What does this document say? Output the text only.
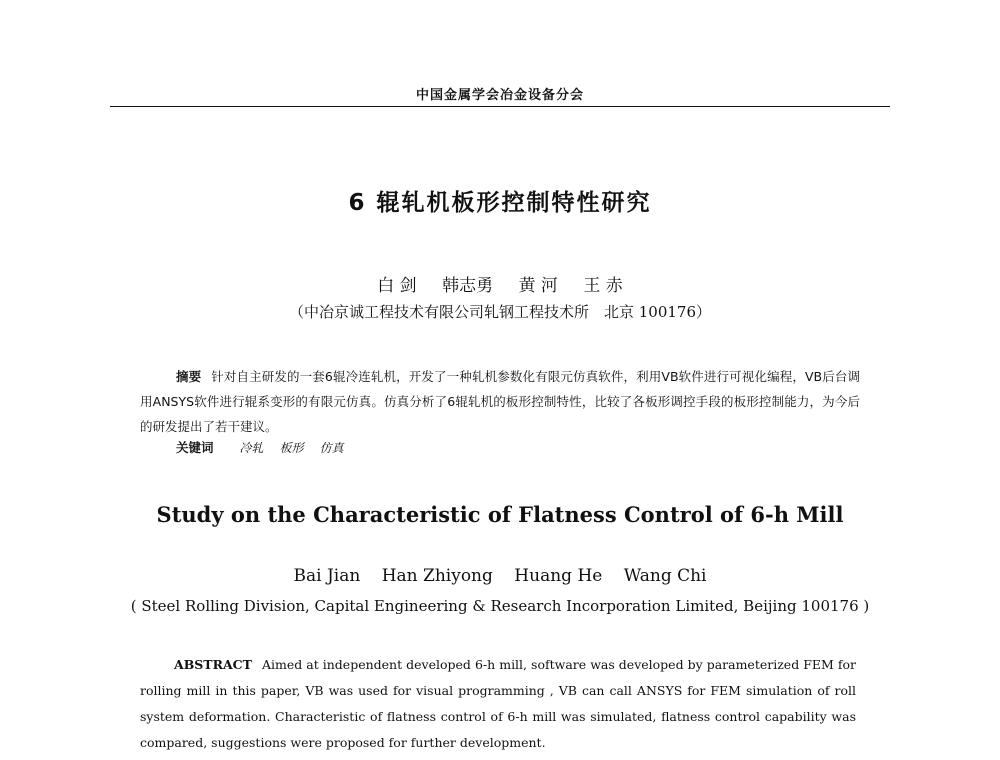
中国金属学会冶金设备分会
6 辊轧机板形控制特性研究
白 剑 韩志勇 黄 河 王 赤
（中冶京诚工程技术有限公司轧钢工程技术所　北京 100176）
摘要 针对自主研发的一套6辊冷连轧机，开发了一种轧机参数化有限元仿真软件，利用VB软件进行可视化编程，VB后台调用ANSYS软件进行辊系变形的有限元仿真。仿真分析了6辊轧机的板形控制特性，比较了各板形调控手段的板形控制能力，为今后的研发提出了若干建议。
关键词 冷轧 板形 仿真
Study on the Characteristic of Flatness Control of 6-h Mill
Bai Jian Han Zhiyong Huang He Wang Chi
( Steel Rolling Division, Capital Engineering & Research Incorporation Limited, Beijing 100176 )
ABSTRACT Aimed at independent developed 6-h mill, software was developed by parameterized FEM for rolling mill in this paper, VB was used for visual programming , VB can call ANSYS for FEM simulation of roll system deformation. Characteristic of flatness control of 6-h mill was simulated, flatness control capability was compared, suggestions were proposed for further development.
